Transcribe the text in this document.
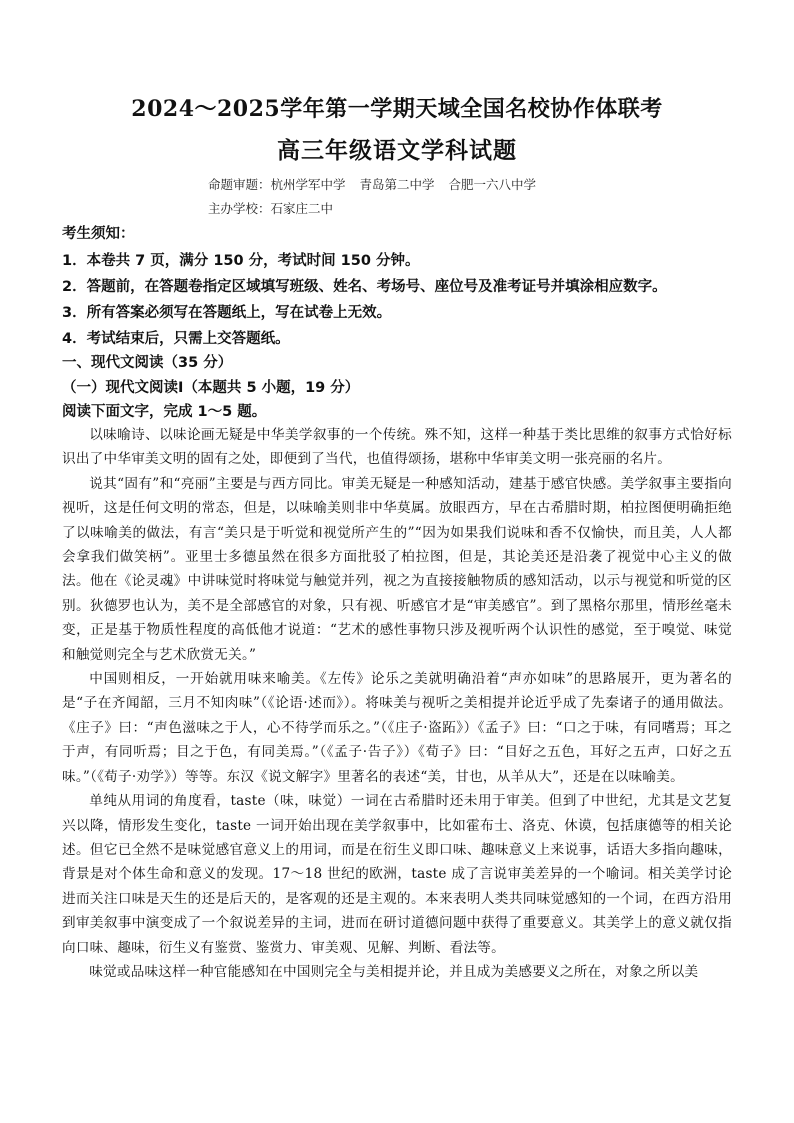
2024～2025学年第一学期天域全国名校协作体联考
高三年级语文学科试题
命题审题：杭州学军中学 青岛第二中学 合肥一六八中学
主办学校：石家庄二中
考生须知：
1．本卷共 7 页，满分 150 分，考试时间 150 分钟。
2．答题前，在答题卷指定区域填写班级、姓名、考场号、座位号及准考证号并填涂相应数字。
3．所有答案必须写在答题纸上，写在试卷上无效。
4．考试结束后，只需上交答题纸。
一、现代文阅读（35 分）
（一）现代文阅读Ⅰ（本题共 5 小题，19 分）
阅读下面文字，完成 1～5 题。

以味喻诗、以味论画无疑是中华美学叙事的一个传统。殊不知，这样一种基于类比思维的叙事方式恰好标识出了中华审美文明的固有之处，即便到了当代，也值得颂扬，堪称中华审美文明一张亮丽的名片。

说其“固有”和“亮丽”主要是与西方同比。审美无疑是一种感知活动，建基于感官快感。美学叙事主要指向视听，这是任何文明的常态，但是，以味喻美则非中华莫属。放眼西方，早在古希腊时期，柏拉图便明确拒绝了以味喻美的做法，有言“美只是于听觉和视觉所产生的”“因为如果我们说味和香不仅愉快，而且美，人人都会拿我们做笑柄”。亚里士多德虽然在很多方面批驳了柏拉图，但是，其论美还是沿袭了视觉中心主义的做法。他在《论灵魂》中讲味觉时将味觉与触觉并列，视之为直接接触物质的感知活动，以示与视觉和听觉的区别。狄德罗也认为，美不是全部感官的对象，只有视、听感官才是“审美感官”。到了黑格尔那里，情形丝毫未变，正是基于物质性程度的高低他才说道：“艺术的感性事物只涉及视听两个认识性的感觉，至于嗅觉、味觉和触觉则完全与艺术欣赏无关。”

中国则相反，一开始就用味来喻美。《左传》论乐之美就明确沿着“声亦如味”的思路展开，更为著名的是“子在齐闻韶，三月不知肉味”（《论语·述而》）。将味美与视听之美相提并论近乎成了先秦诸子的通用做法。《庄子》曰：“声色滋味之于人，心不待学而乐之。”（《庄子·盗跖》）《孟子》曰：“口之于味，有同嗜焉；耳之于声，有同听焉；目之于色，有同美焉。”（《孟子·告子》）《荀子》曰：“目好之五色，耳好之五声，口好之五味。”（《荀子·劝学》）等等。东汉《说文解字》里著名的表述“美，甘也，从羊从大”，还是在以味喻美。

单纯从用词的角度看，taste（味，味觉）一词在古希腊时还未用于审美。但到了中世纪，尤其是文艺复兴以降，情形发生变化，taste 一词开始出现在美学叙事中，比如霍布士、洛克、休谟，包括康德等的相关论述。但它已全然不是味觉感官意义上的用词，而是在衍生义即口味、趣味意义上来说事，话语大多指向趣味，背景是对个体生命和意义的发现。17～18 世纪的欧洲，taste 成了言说审美差异的一个喻词。相关美学讨论进而关注口味是天生的还是后天的，是客观的还是主观的。本来表明人类共同味觉感知的一个词，在西方沿用到审美叙事中演变成了一个叙说差异的主词，进而在研讨道德问题中获得了重要意义。其美学上的意义就仅指向口味、趣味，衍生义有鉴赏、鉴赏力、审美观、见解、判断、看法等。

味觉或品味这样一种官能感知在中国则完全与美相提并论，并且成为美感要义之所在，对象之所以美
